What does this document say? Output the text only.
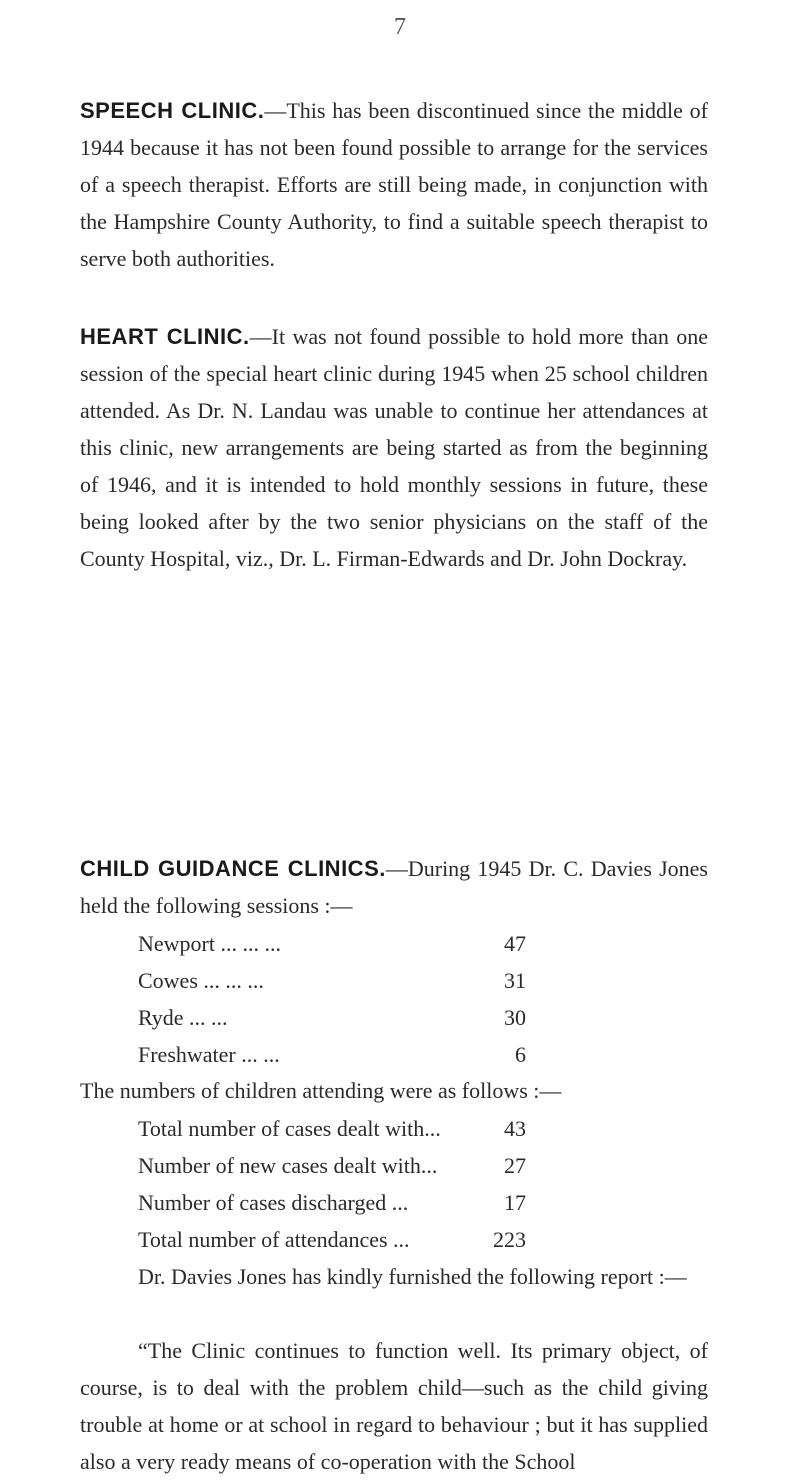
7

SPEECH CLINIC.—This has been discontinued since the middle of 1944 because it has not been found possible to arrange for the services of a speech therapist. Efforts are still being made, in conjunction with the Hampshire County Authority, to find a suitable speech therapist to serve both authorities.

HEART CLINIC.—It was not found possible to hold more than one session of the special heart clinic during 1945 when 25 school children attended. As Dr. N. Landau was unable to continue her attendances at this clinic, new arrangements are being started as from the beginning of 1946, and it is intended to hold monthly sessions in future, these being looked after by the two senior physicians on the staff of the County Hospital, viz., Dr. L. Firman-Edwards and Dr. John Dockray.

CHILD GUIDANCE CLINICS.—During 1945 Dr. C. Davies Jones held the following sessions :—

Newport ... ... ...	47
Cowes ... ... ...	31
Ryde ... ...	30
Freshwater ... ...	6
The numbers of children attending were as follows :—
Total number of cases dealt with...	43
Number of new cases dealt with...	27
Number of cases discharged ...	17
Total number of attendances ...	223

Dr. Davies Jones has kindly furnished the following report :—

“The Clinic continues to function well. Its primary object, of course, is to deal with the problem child—such as the child giving trouble at home or at school in regard to behaviour ; but it has supplied also a very ready means of co-operation with the School
